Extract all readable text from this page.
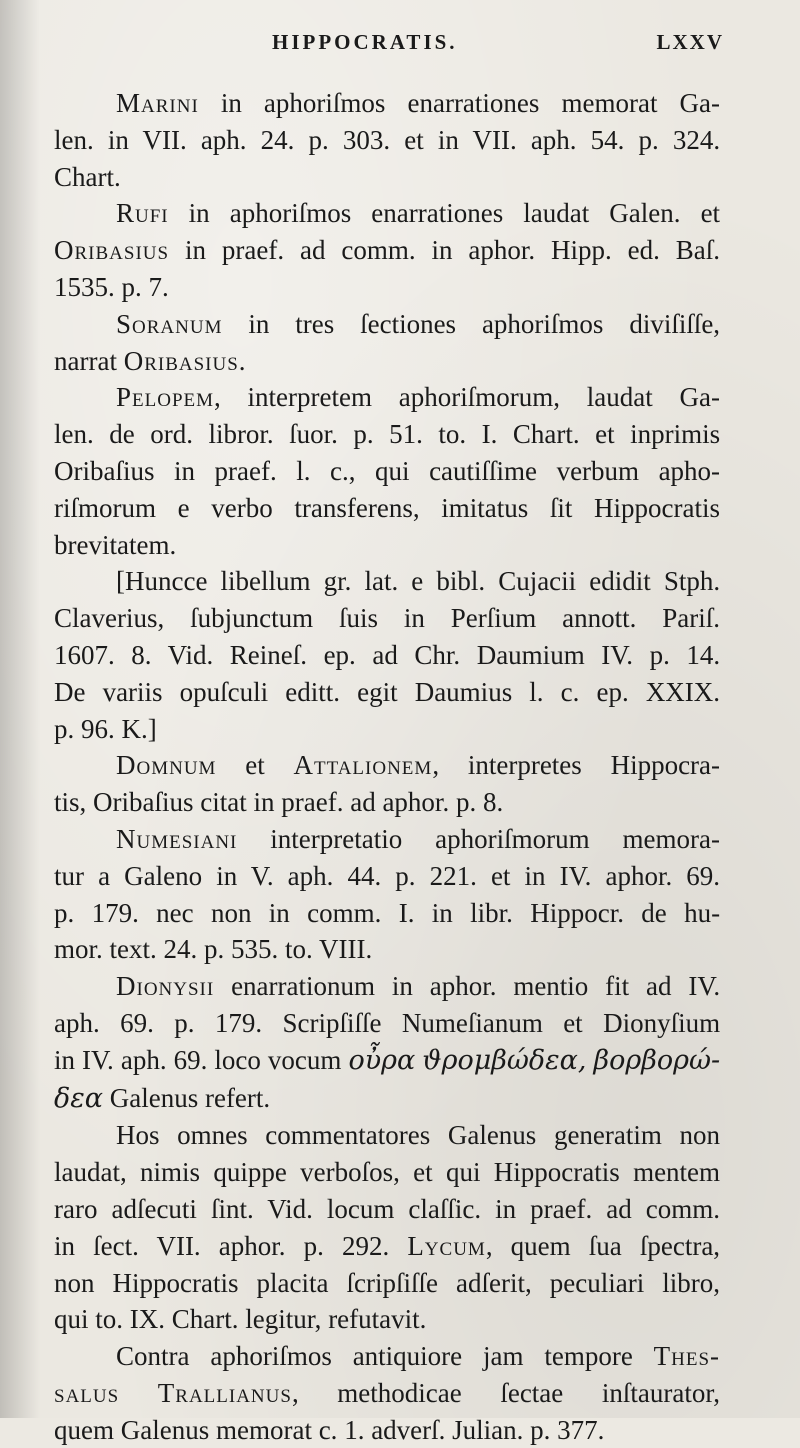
HIPPOCRATIS.	LXXV
Marini in aphoriſmos enarrationes memorat Ga-
len. in VII. aph. 24. p. 303. et in VII. aph. 54. p. 324.
Chart.
Rufi in aphoriſmos enarrationes laudat Galen. et
Oribasius in praef. ad comm. in aphor. Hipp. ed. Baſ.
1535. p. 7.
Soranum in tres ſectiones aphoriſmos diviſiſſe,
narrat Oribasius.
Pelopem, interpretem aphoriſmorum, laudat Ga-
len. de ord. libror. ſuor. p. 51. to. I. Chart. et inprimis
Oribaſius in praef. l. c., qui cautiſſime verbum apho-
riſmorum e verbo transferens, imitatus ſit Hippocratis
brevitatem.
[Huncce libellum gr. lat. e bibl. Cujacii edidit Stph.
Claverius, ſubjunctum ſuis in Perſium annott. Pariſ.
1607. 8. Vid. Reineſ. ep. ad Chr. Daumium IV. p. 14.
De variis opuſculi editt. egit Daumius l. c. ep. XXIX.
p. 96. K.]
Domnum et Attalionem, interpretes Hippocra-
tis, Oribaſius citat in praef. ad aphor. p. 8.
Numesiani interpretatio aphoriſmorum memora-
tur a Galeno in V. aph. 44. p. 221. et in IV. aphor. 69.
p. 179. nec non in comm. I. in libr. Hippocr. de hu-
mor. text. 24. p. 535. to. VIII.
Dionysii enarrationum in aphor. mentio fit ad IV.
aph. 69. p. 179. Scripſiſſe Numeſianum et Dionyſium
in IV. aph. 69. loco vocum οὖρα ϑρομβώδεα, βορβορώ-
δεα Galenus refert.
Hos omnes commentatores Galenus generatim non
laudat, nimis quippe verboſos, et qui Hippocratis mentem
raro adſecuti ſint. Vid. locum claſſic. in praef. ad comm.
in ſect. VII. aphor. p. 292. Lycum, quem ſua ſpectra,
non Hippocratis placita ſcripſiſſe adſerit, peculiari libro,
qui to. IX. Chart. legitur, refutavit.
Contra aphoriſmos antiquiore jam tempore Thes-
salus Trallianus, methodicae ſectae inſtaurator,
quem Galenus memorat c. 1. adverſ. Julian. p. 377.
